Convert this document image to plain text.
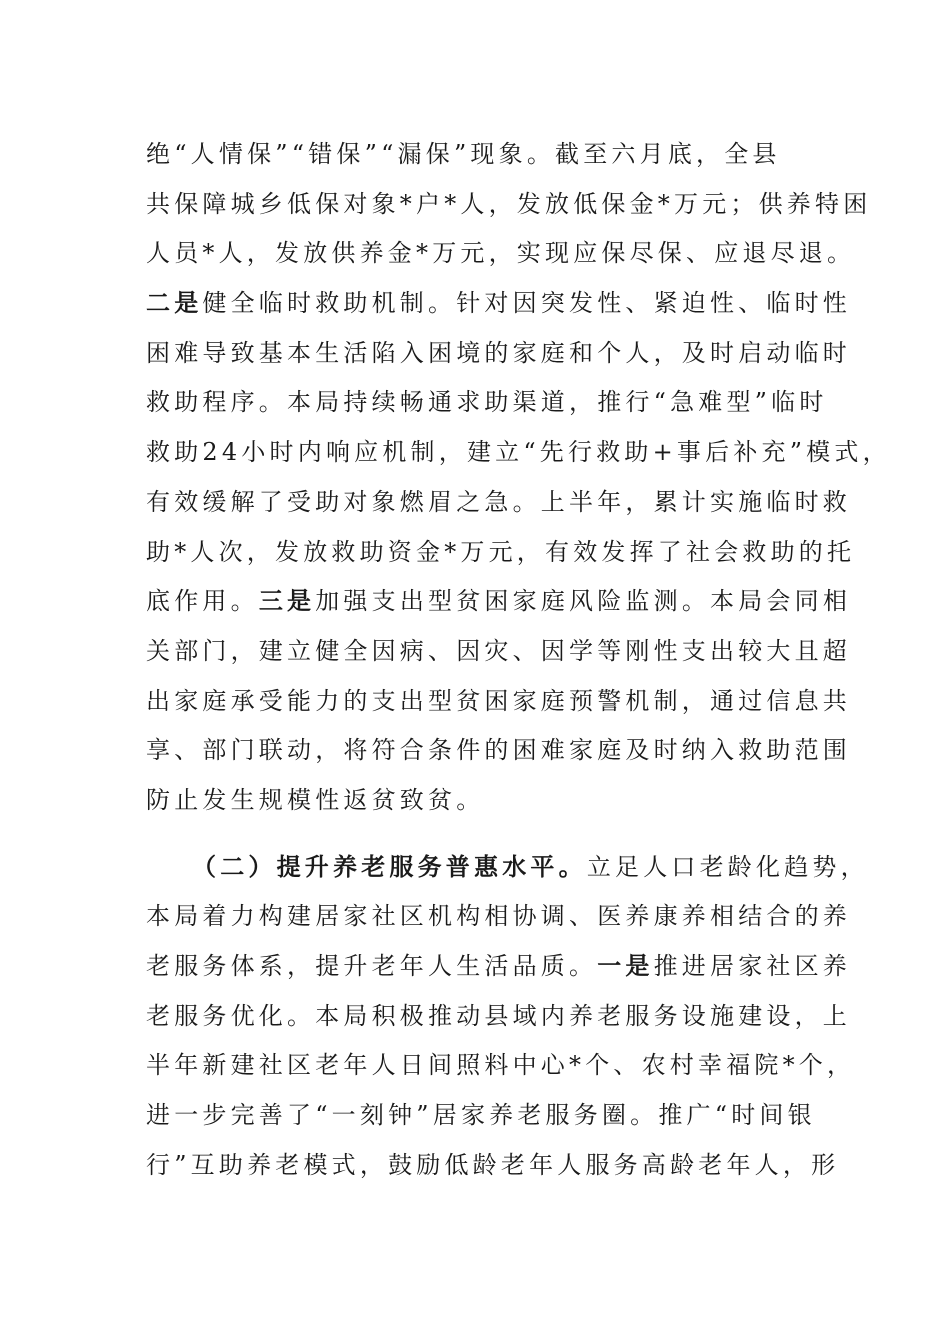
绝“人情保”“错保”“漏保”现象。截至六月底，全县
共保障城乡低保对象*户*人，发放低保金*万元；供养特困
人员*人，发放供养金*万元，实现应保尽保、应退尽退。
二是健全临时救助机制。针对因突发性、紧迫性、临时性
困难导致基本生活陷入困境的家庭和个人，及时启动临时
救助程序。本局持续畅通求助渠道，推行“急难型”临时
救助24小时内响应机制，建立“先行救助+事后补充”模式，
有效缓解了受助对象燃眉之急。上半年，累计实施临时救
助*人次，发放救助资金*万元，有效发挥了社会救助的托
底作用。三是加强支出型贫困家庭风险监测。本局会同相
关部门，建立健全因病、因灾、因学等刚性支出较大且超
出家庭承受能力的支出型贫困家庭预警机制，通过信息共
享、部门联动，将符合条件的困难家庭及时纳入救助范围
防止发生规模性返贫致贫。
（二）提升养老服务普惠水平。立足人口老龄化趋势，
本局着力构建居家社区机构相协调、医养康养相结合的养
老服务体系，提升老年人生活品质。一是推进居家社区养
老服务优化。本局积极推动县域内养老服务设施建设，上
半年新建社区老年人日间照料中心*个、农村幸福院*个，
进一步完善了“一刻钟”居家养老服务圈。推广“时间银
行”互助养老模式，鼓励低龄老年人服务高龄老年人，形
